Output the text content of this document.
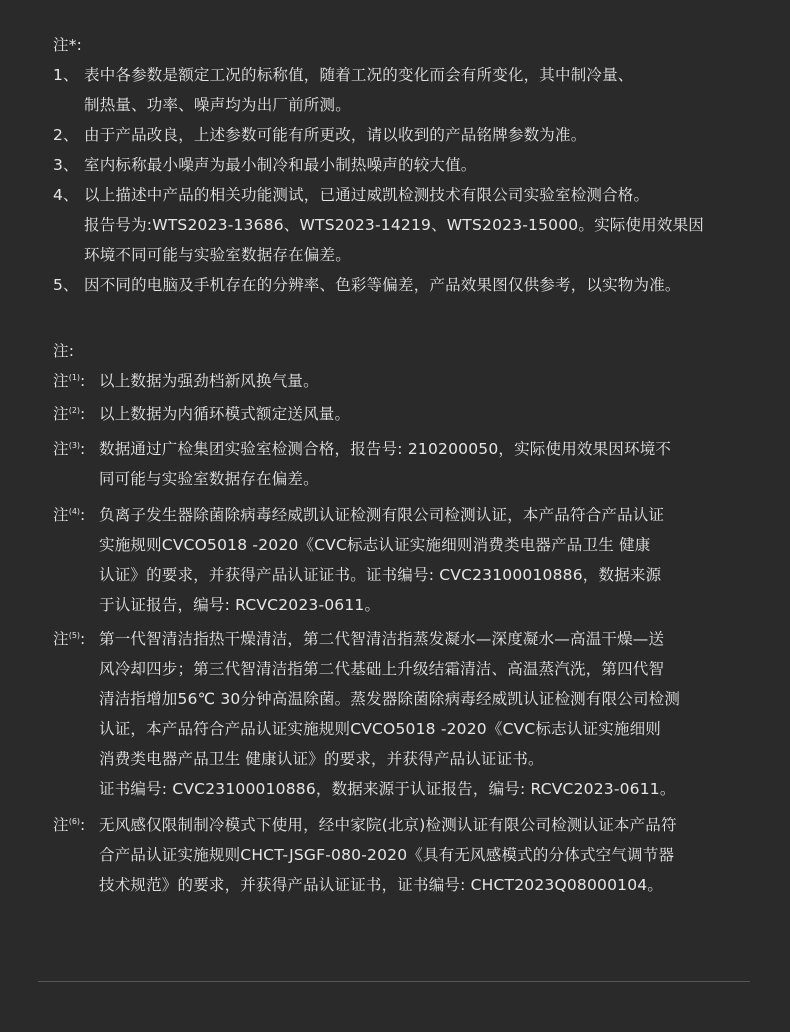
注*:
1、 表中各参数是额定工况的标称值，随着工况的变化而会有所变化，其中制冷量、
制热量、功率、噪声均为出厂前所测。
2、 由于产品改良，上述参数可能有所更改，请以收到的产品铭牌参数为准。
3、 室内标称最小噪声为最小制冷和最小制热噪声的较大值。
4、 以上描述中产品的相关功能测试，已通过威凯检测技术有限公司实验室检测合格。
报告号为:WTS2023-13686、WTS2023-14219、WTS2023-15000。实际使用效果因
环境不同可能与实验室数据存在偏差。
5、 因不同的电脑及手机存在的分辨率、色彩等偏差，产品效果图仅供参考，以实物为准。
注:
注$^{(1)}$: 以上数据为强劲档新风换气量。
注$^{(2)}$: 以上数据为内循环模式额定送风量。
注$^{(3)}$: 数据通过广检集团实验室检测合格，报告号: 210200050，实际使用效果因环境不
同可能与实验室数据存在偏差。
注$^{(4)}$: 负离子发生器除菌除病毒经威凯认证检测有限公司检测认证，本产品符合产品认证
实施规则CVCO5018 -2020《CVC标志认证实施细则消费类电器产品卫生 健康
认证》的要求，并获得产品认证证书。证书编号: CVC23100010886，数据来源
于认证报告，编号: RCVC2023-0611。
注$^{(5)}$: 第一代智清洁指热干燥清洁，第二代智清洁指蒸发凝水—深度凝水—高温干燥—送
风冷却四步；第三代智清洁指第二代基础上升级结霜清洁、高温蒸汽洗，第四代智
清洁指增加56℃ 30分钟高温除菌。蒸发器除菌除病毒经威凯认证检测有限公司检测
认证，本产品符合产品认证实施规则CVCO5018 -2020《CVC标志认证实施细则
消费类电器产品卫生 健康认证》的要求，并获得产品认证证书。
证书编号: CVC23100010886，数据来源于认证报告，编号: RCVC2023-0611。
注$^{(6)}$: 无风感仅限制制冷模式下使用，经中家院(北京)检测认证有限公司检测认证本产品符
合产品认证实施规则CHCT-JSGF-080-2020《具有无风感模式的分体式空气调节器
技术规范》的要求，并获得产品认证证书，证书编号: CHCT2023Q08000104。
